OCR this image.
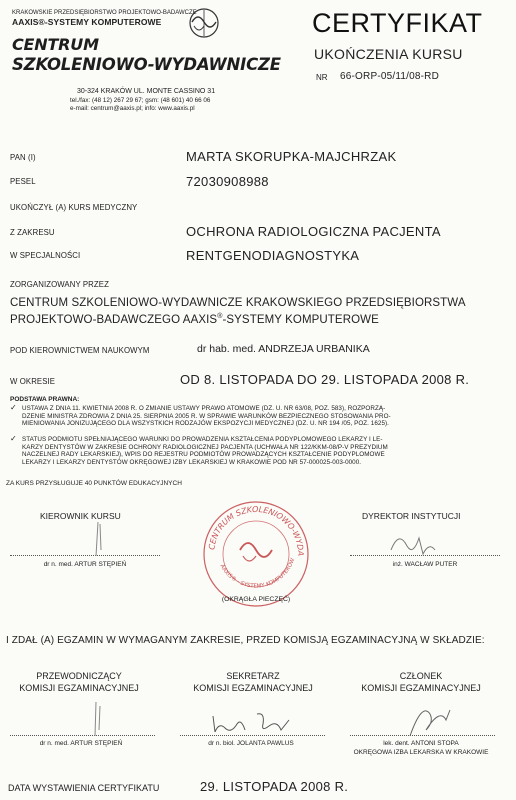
KRAKOWSKIE PRZEDSIĘBIORSTWO PROJEKTOWO-BADAWCZE
AAXIS®-SYSTEMY KOMPUTEROWE
CENTRUM
SZKOLENIOWO-WYDAWNICZE
30-324 KRAKÓW UL. MONTE CASSINO 31
tel./fax: (48 12) 267 29 67; gsm: (48 601) 40 66 06
e-mail: centrum@aaxis.pl; info: www.aaxis.pl
CERTYFIKAT
UKOŃCZENIA KURSU
NR 66-ORP-05/11/08-RD
PAN (I)	MARTA SKORUPKA-MAJCHRZAK
PESEL	72030908988
UKOŃCZYŁ (A) KURS MEDYCZNY
Z ZAKRESU	OCHRONA RADIOLOGICZNA PACJENTA
W SPECJALNOŚCI	RENTGENODIAGNOSTYKA
ZORGANIZOWANY PRZEZ
CENTRUM SZKOLENIOWO-WYDAWNICZE KRAKOWSKIEGO PRZEDSIĘBIORSTWA
PROJEKTOWO-BADAWCZEGO AAXIS®-SYSTEMY KOMPUTEROWE
POD KIEROWNICTWEM NAUKOWYM	dr hab. med. ANDRZEJA URBANIKA
W OKRESIE	OD 8. LISTOPADA DO 29. LISTOPADA 2008 R.
PODSTAWA PRAWNA:
✓ USTAWA Z DNIA 11. KWIETNIA 2008 R. O ZMIANIE USTAWY PRAWO ATOMOWE (DZ. U. NR 63/08, POZ. 583), ROZPORZĄ-
DZENIE MINISTRA ZDROWIA Z DNIA 25. SIERPNIA 2005 R. W SPRAWIE WARUNKÓW BEZPIECZNEGO STOSOWANIA PRO-
MIENIOWANIA JONIZUJĄCEGO DLA WSZYSTKICH RODZAJÓW EKSPOZYCJI MEDYCZNEJ (DZ. U. NR 194 /05, POZ. 1625).
✓ STATUS PODMIOTU SPEŁNIAJĄCEGO WARUNKI DO PROWADZENIA KSZTAŁCENIA PODYPLOMOWEGO LEKARZY I LE-
KARZY DENTYSTÓW W ZAKRESIE OCHRONY RADIOLOGICZNEJ PACJENTA (UCHWAŁA NR 122/KKM-08/P-V PREZYDIUM
NACZELNEJ RADY LEKARSKIEJ), WPIS DO REJESTRU PODMIOTÓW PROWADZĄCYCH KSZTAŁCENIE PODYPLOMOWE
LEKARZY I LEKARZY DENTYSTÓW OKRĘGOWEJ IZBY LEKARSKIEJ W KRAKOWIE POD NR 57-000025-003-0000.
ZA KURS PRZYSŁUGUJE 40 PUNKTÓW EDUKACYJNYCH
KIEROWNIK KURSU
dr n. med. ARTUR STĘPIEŃ
DYREKTOR INSTYTUCJI
inż. WACŁAW PUTER
CENTRUM SZKOLENIOWO-WYDA
AAXIS® - SYSTEMY KOMPUTEROW
(OKRĄGŁA PIECZĘĆ)
I ZDAŁ (A) EGZAMIN W WYMAGANYM ZAKRESIE, PRZED KOMISJĄ EGZAMINACYJNĄ W SKŁADZIE:
PRZEWODNICZĄCY
KOMISJI EGZAMINACYJNEJ
dr n. med. ARTUR STĘPIEŃ
SEKRETARZ
KOMISJI EGZAMINACYJNEJ
dr n. biol. JOLANTA PAWLUS
CZŁONEK
KOMISJI EGZAMINACYJNEJ
lek. dent. ANTONI STOPA
OKRĘGOWA IZBA LEKARSKA W KRAKOWIE
DATA WYSTAWIENIA CERTYFIKATU	29. LISTOPADA 2008 R.
